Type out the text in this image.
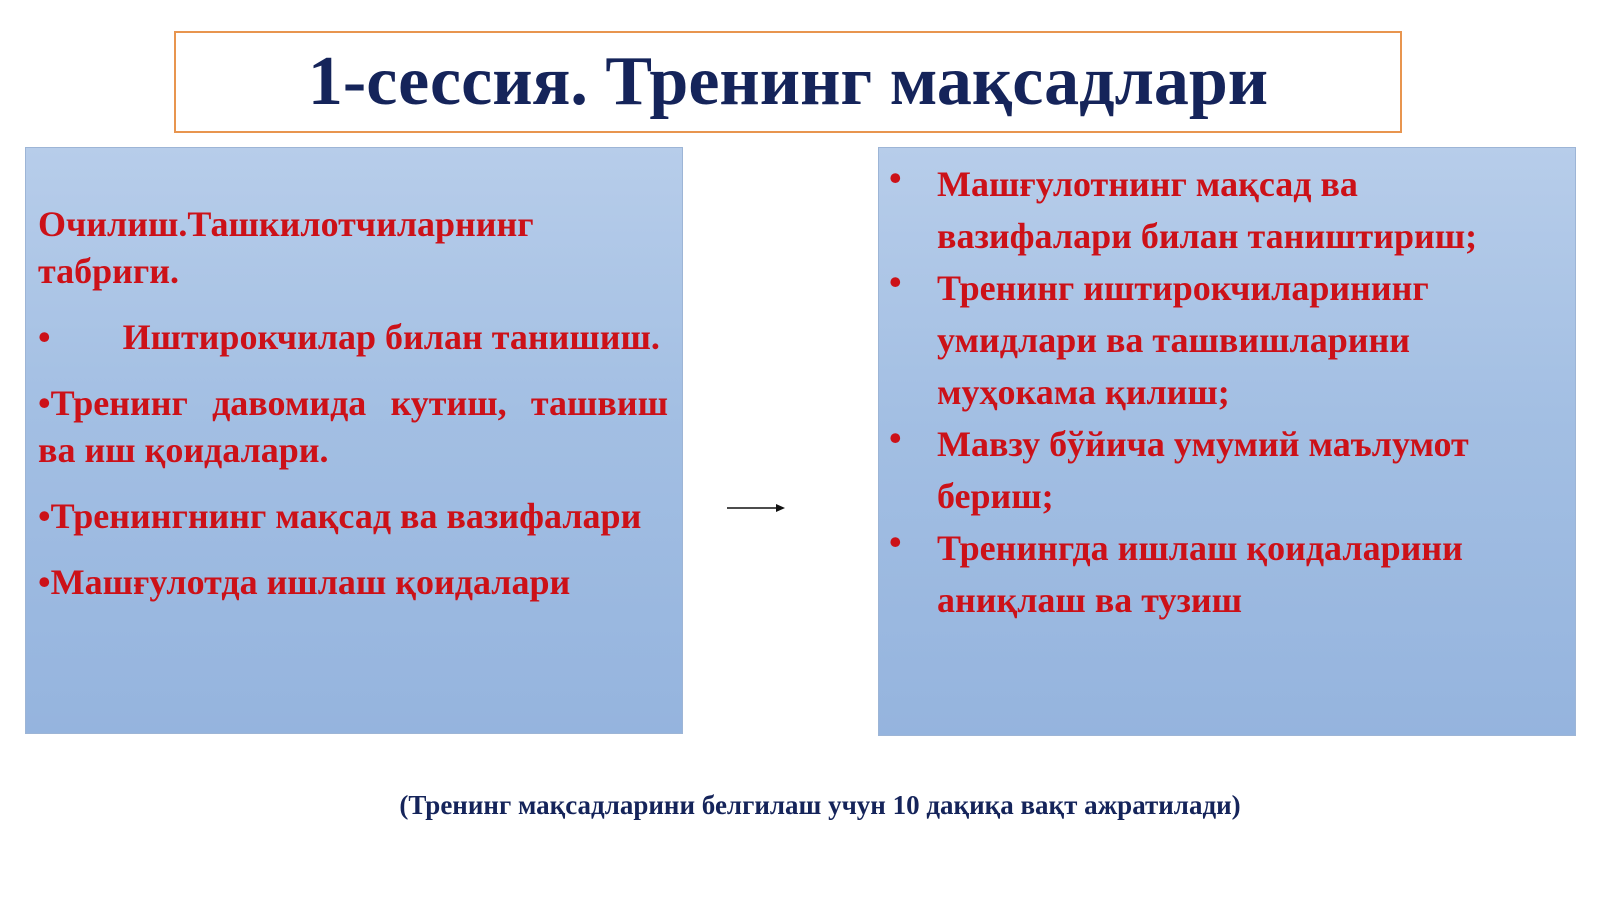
1-сессия. Тренинг мақсадлари

Очилиш.Ташкилотчиларнинг табриги.

•  Иштирокчилар билан танишиш.

•Тренинг давомида кутиш, ташвиш ва иш қоидалари.

•Тренингнинг мақсад ва вазифалари

•Машғулотда ишлаш қоидалари

• Машғулотнинг мақсад ва вазифалари билан таништириш;
• Тренинг иштирокчиларининг умидлари ва ташвишларини муҳокама қилиш;
• Мавзу бўйича умумий маълумот бериш;
• Тренингда ишлаш қоидаларини аниқлаш ва тузиш
(Тренинг мақсадларини белгилаш учун 10 дақиқа вақт ажратилади)
